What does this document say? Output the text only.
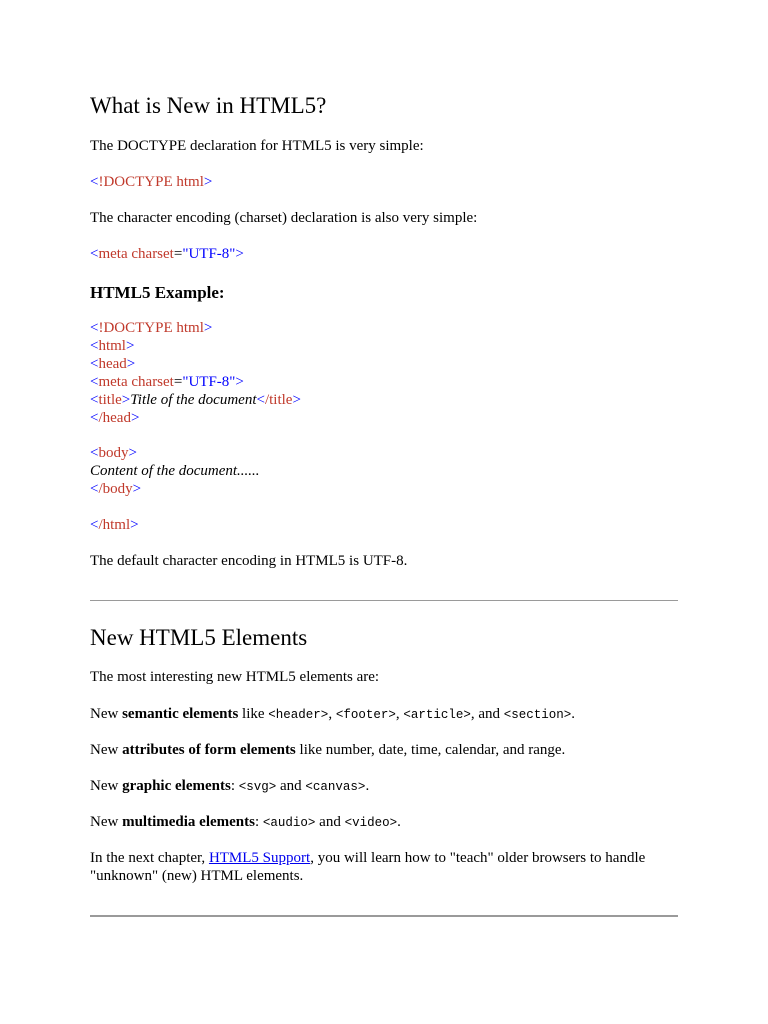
What is New in HTML5?
The DOCTYPE declaration for HTML5 is very simple:
<!DOCTYPE html>
The character encoding (charset) declaration is also very simple:
<meta charset="UTF-8">
HTML5 Example:
<!DOCTYPE html>
<html>
<head>
<meta charset="UTF-8">
<title>Title of the document</title>
</head>
<body>
Content of the document......
</body>
</html>
The default character encoding in HTML5 is UTF-8.
New HTML5 Elements
The most interesting new HTML5 elements are:
New semantic elements like <header>, <footer>, <article>, and <section>.
New attributes of form elements like number, date, time, calendar, and range.
New graphic elements: <svg> and <canvas>.
New multimedia elements: <audio> and <video>.
In the next chapter, HTML5 Support, you will learn how to "teach" older browsers to handle
"unknown" (new) HTML elements.
